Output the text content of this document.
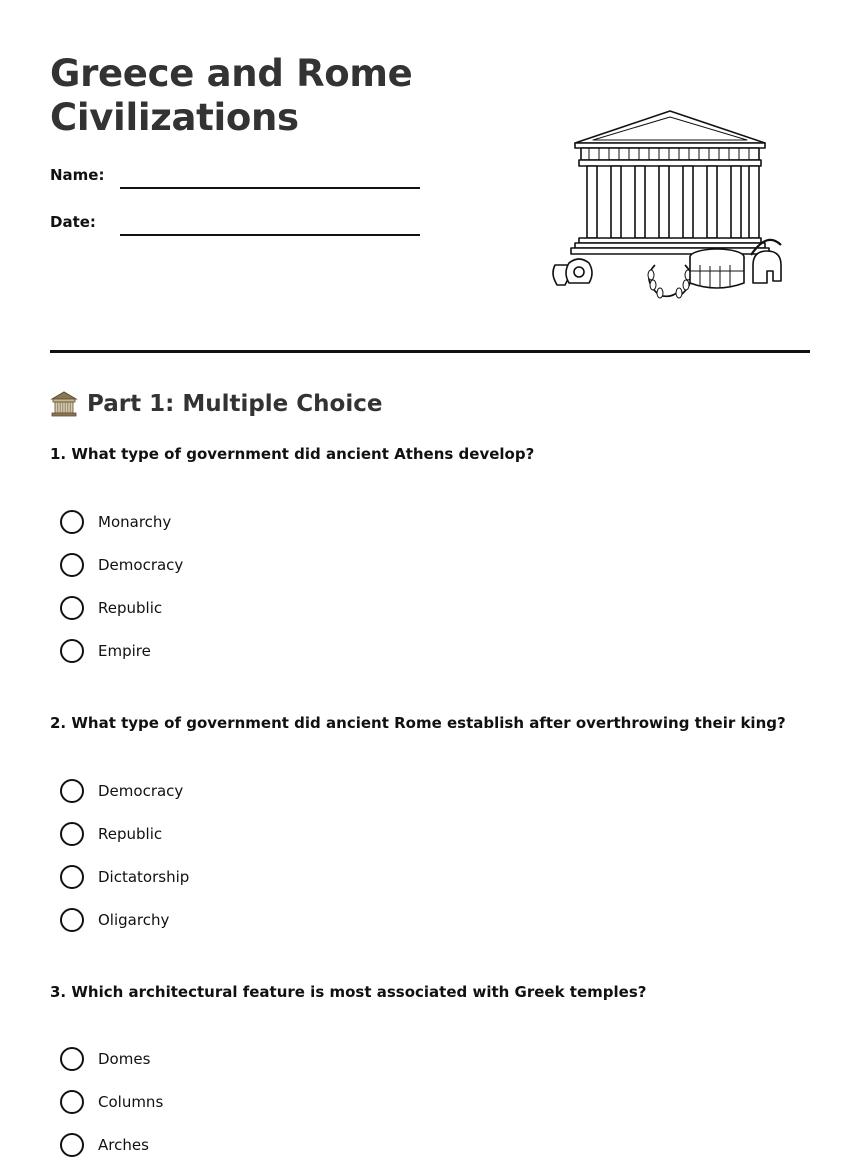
Greece and Rome
Civilizations
Name:
Date:
Part 1: Multiple Choice
1. What type of government did ancient Athens develop?
Monarchy
Democracy
Republic
Empire
2. What type of government did ancient Rome establish after overthrowing their king?
Democracy
Republic
Dictatorship
Oligarchy
3. Which architectural feature is most associated with Greek temples?
Domes
Columns
Arches
